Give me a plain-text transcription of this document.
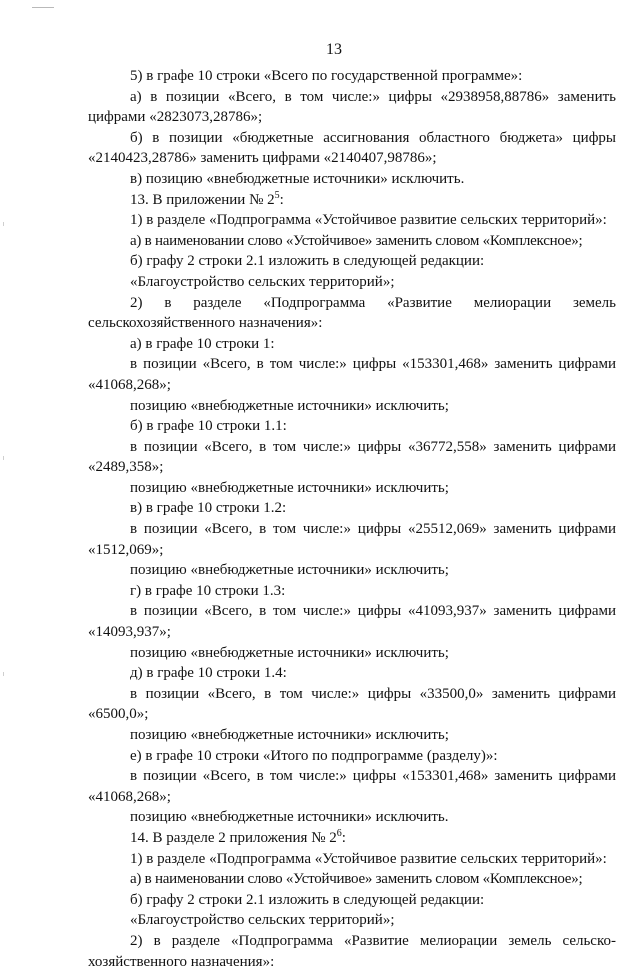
13

5) в графе 10 строки «Всего по государственной программе»:

а) в позиции «Всего, в том числе:» цифры «2938958,88786» заменить цифрами «2823073,28786»;

б) в позиции «бюджетные ассигнования областного бюджета» цифры «2140423,28786» заменить цифрами «2140407,98786»;

в) позицию «внебюджетные источники» исключить.

13. В приложении № $2^5$:

1) в разделе «Подпрограмма «Устойчивое развитие сельских территорий»:

а) в наименовании слово «Устойчивое» заменить словом «Комплексное»;

б) графу 2 строки 2.1 изложить в следующей редакции:

«Благоустройство сельских территорий»;

2) в разделе «Подпрограмма «Развитие мелиорации земель сельскохозяйственного назначения»:

а) в графе 10 строки 1:

в позиции «Всего, в том числе:» цифры «153301,468» заменить цифрами «41068,268»;

позицию «внебюджетные источники» исключить;

б) в графе 10 строки 1.1:

в позиции «Всего, в том числе:» цифры «36772,558» заменить цифрами «2489,358»;

позицию «внебюджетные источники» исключить;

в) в графе 10 строки 1.2:

в позиции «Всего, в том числе:» цифры «25512,069» заменить цифрами «1512,069»;

позицию «внебюджетные источники» исключить;

г) в графе 10 строки 1.3:

в позиции «Всего, в том числе:» цифры «41093,937» заменить цифрами «14093,937»;

позицию «внебюджетные источники» исключить;

д) в графе 10 строки 1.4:

в позиции «Всего, в том числе:» цифры «33500,0» заменить цифрами «6500,0»;

позицию «внебюджетные источники» исключить;

е) в графе 10 строки «Итого по подпрограмме (разделу)»:

в позиции «Всего, в том числе:» цифры «153301,468» заменить цифрами «41068,268»;

позицию «внебюджетные источники» исключить.

14. В разделе 2 приложения № $2^6$:

1) в разделе «Подпрограмма «Устойчивое развитие сельских территорий»:

а) в наименовании слово «Устойчивое» заменить словом «Комплексное»;

б) графу 2 строки 2.1 изложить в следующей редакции:

«Благоустройство сельских территорий»;

2) в разделе «Подпрограмма «Развитие мелиорации земель сельско-хозяйственного назначения»:
